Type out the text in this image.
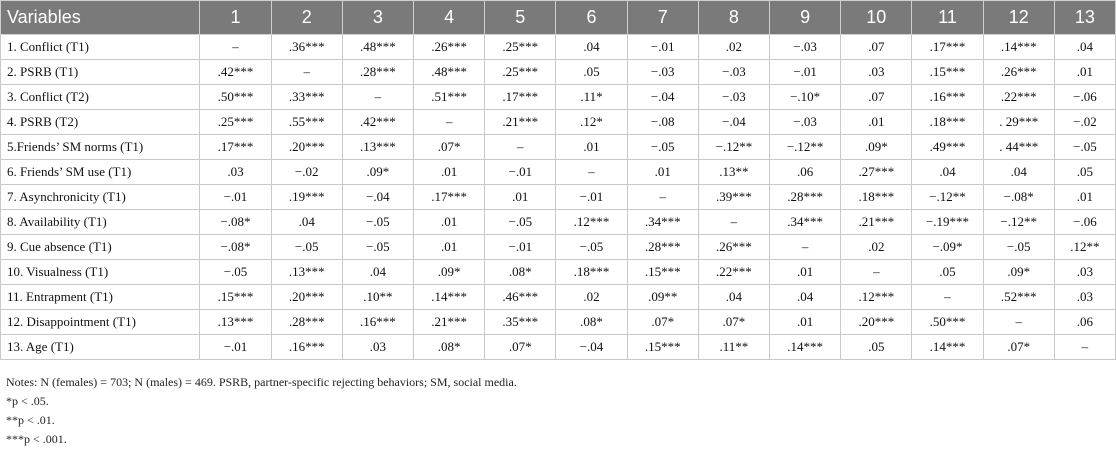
Variables	1	2	3	4	5	6	7	8	9	10	11	12	13
1. Conflict (T1)	–	.36***	.48***	.26***	.25***	.04	−.01	.02	−.03	.07	.17***	.14***	.04
2. PSRB (T1)	.42***	–	.28***	.48***	.25***	.05	−.03	−.03	−.01	.03	.15***	.26***	.01
3. Conflict (T2)	.50***	.33***	–	.51***	.17***	.11*	−.04	−.03	−.10*	.07	.16***	.22***	−.06
4. PSRB (T2)	.25***	.55***	.42***	–	.21***	.12*	−.08	−.04	−.03	.01	.18***	. 29***	−.02
5.Friends’ SM norms (T1)	.17***	.20***	.13***	.07*	–	.01	−.05	−.12**	−.12**	.09*	.49***	. 44***	−.05
6. Friends’ SM use (T1)	.03	−.02	.09*	.01	−.01	–	.01	.13**	.06	.27***	.04	.04	.05
7. Asynchronicity (T1)	−.01	.19***	−.04	.17***	.01	−.01	–	.39***	.28***	.18***	−.12**	−.08*	.01
8. Availability (T1)	−.08*	.04	−.05	.01	−.05	.12***	.34***	–	.34***	.21***	−.19***	−.12**	−.06
9. Cue absence (T1)	−.08*	−.05	−.05	.01	−.01	−.05	.28***	.26***	–	.02	−.09*	−.05	.12**
10. Visualness (T1)	−.05	.13***	.04	.09*	.08*	.18***	.15***	.22***	.01	–	.05	.09*	.03
11. Entrapment (T1)	.15***	.20***	.10**	.14***	.46***	.02	.09**	.04	.04	.12***	–	.52***	.03
12. Disappointment (T1)	.13***	.28***	.16***	.21***	.35***	.08*	.07*	.07*	.01	.20***	.50***	–	.06
13. Age (T1)	−.01	.16***	.03	.08*	.07*	−.04	.15***	.11**	.14***	.05	.14***	.07*	–
Notes: N (females) = 703; N (males) = 469. PSRB, partner-specific rejecting behaviors; SM, social media.
*p < .05.
**p < .01.
***p < .001.
